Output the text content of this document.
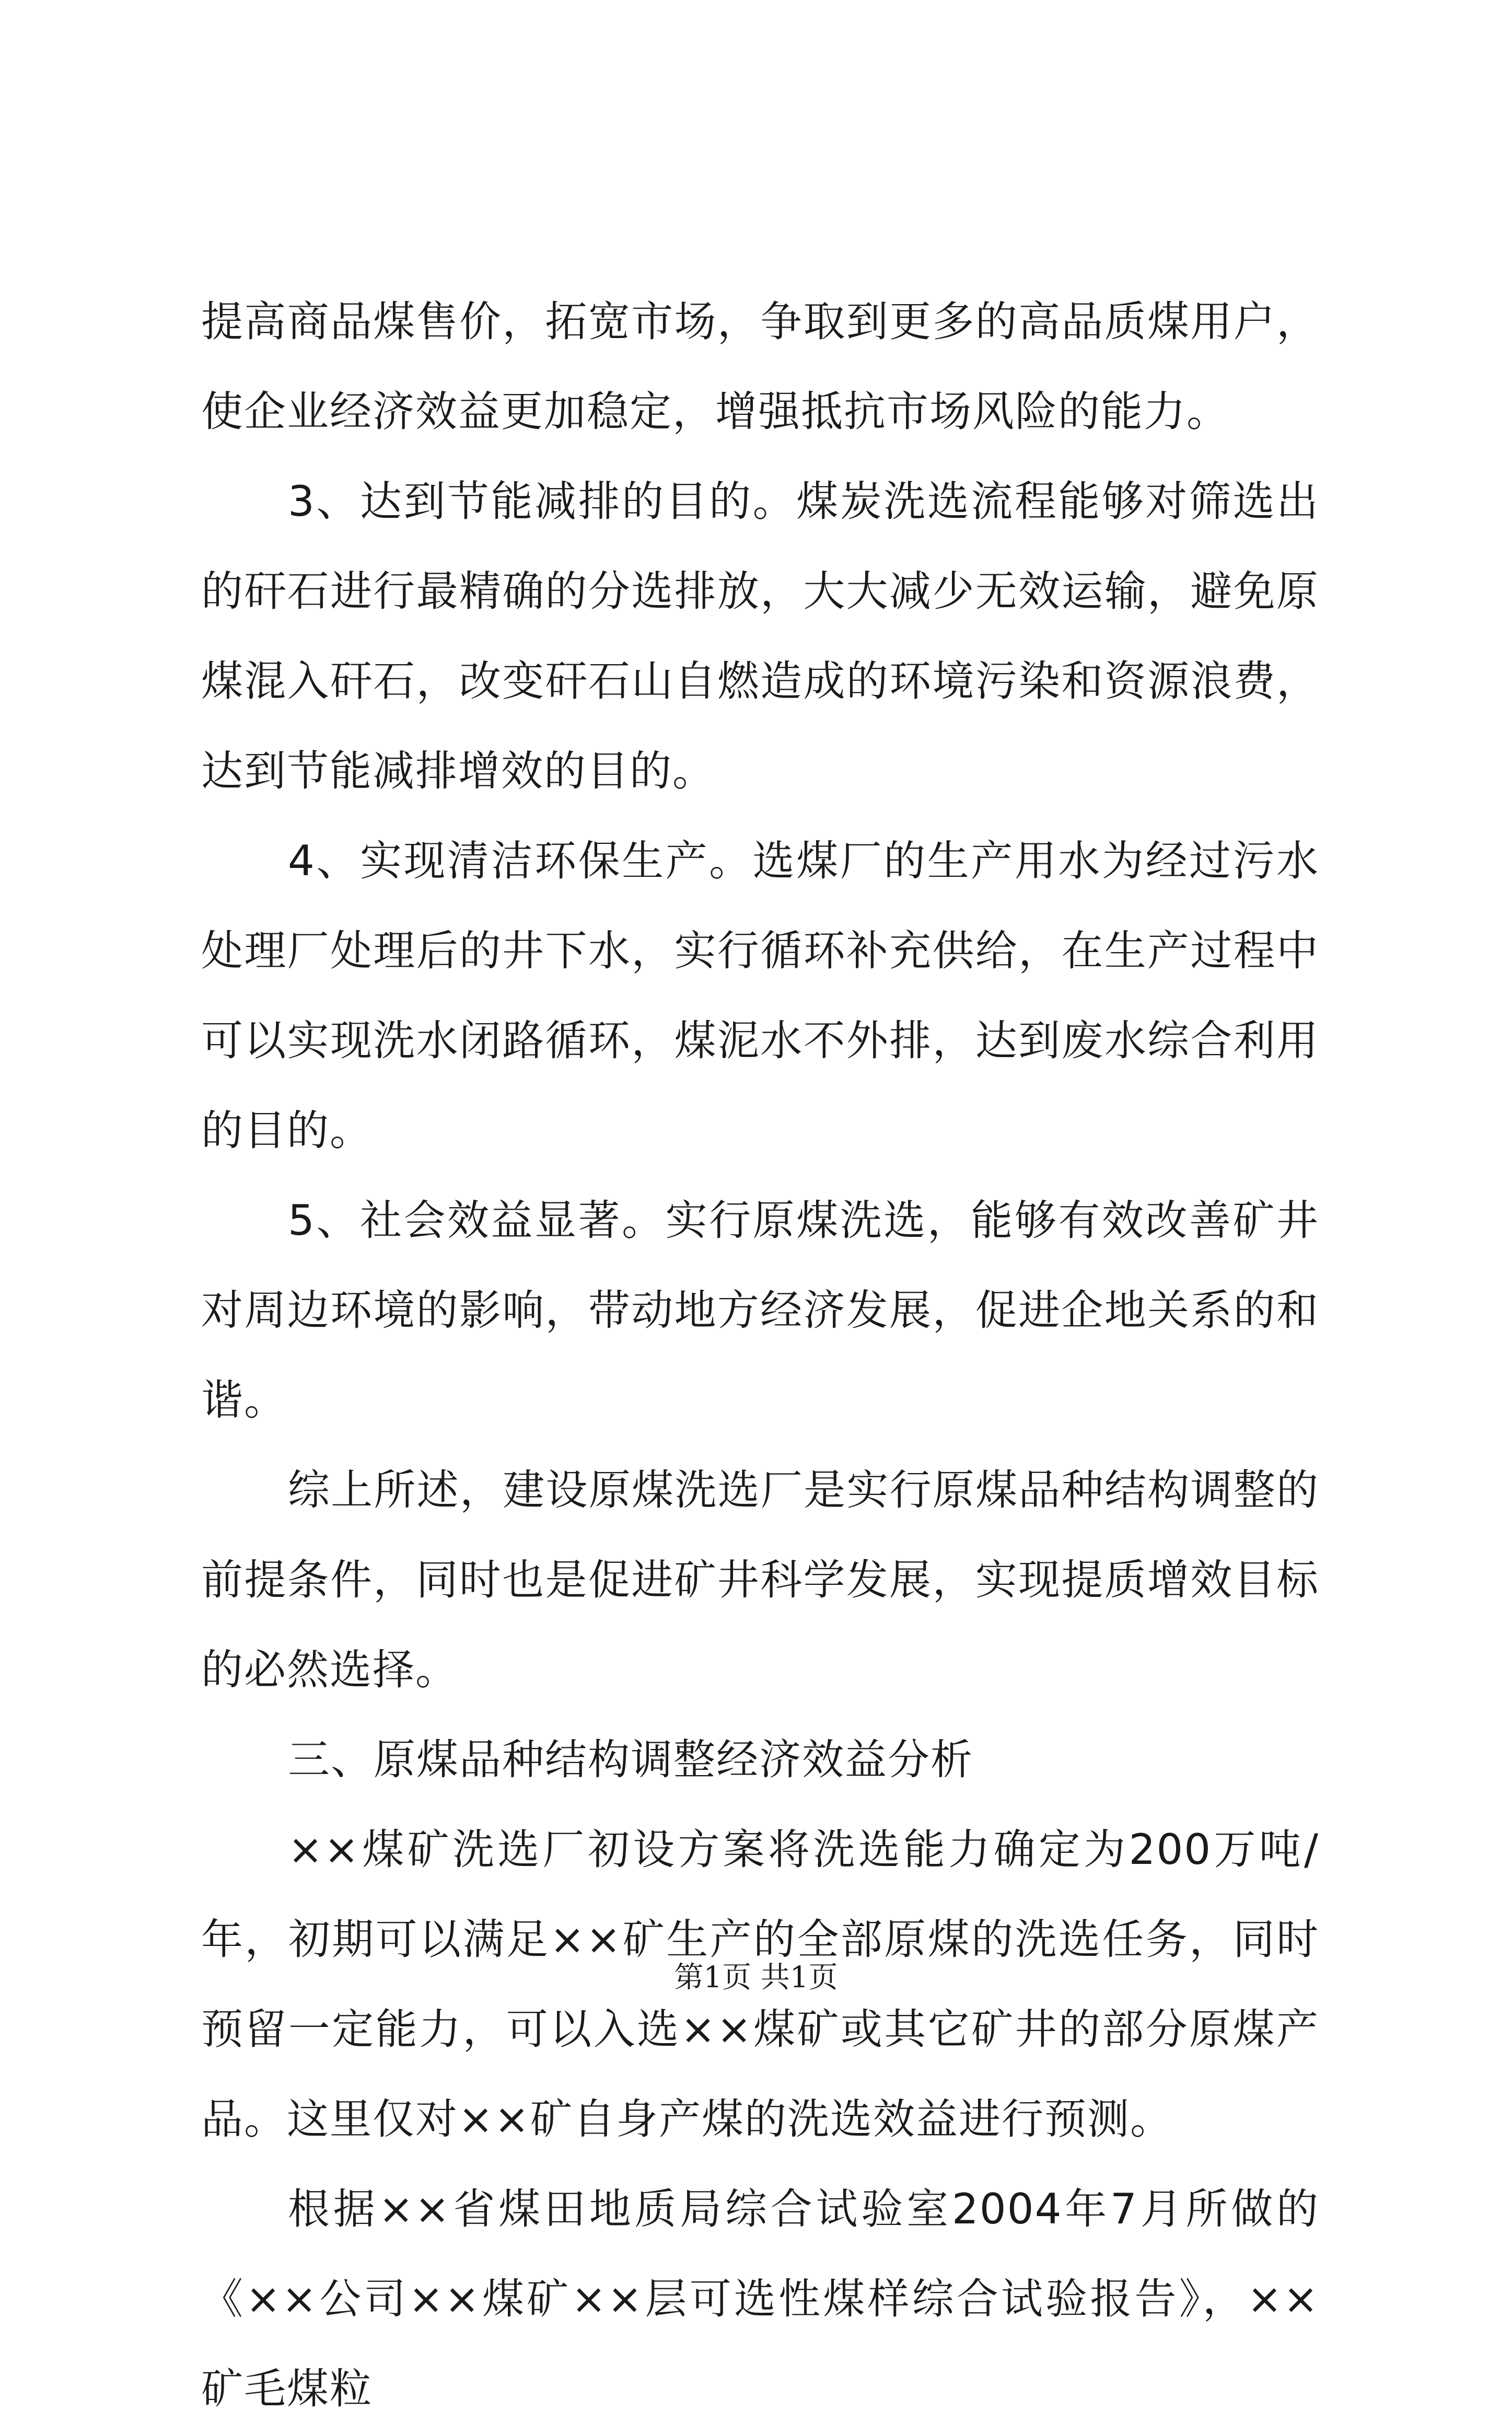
提高商品煤售价，拓宽市场，争取到更多的高品质煤用户，使企业经济效益更加稳定，增强抵抗市场风险的能力。

3、达到节能减排的目的。煤炭洗选流程能够对筛选出的矸石进行最精确的分选排放，大大减少无效运输，避免原煤混入矸石，改变矸石山自燃造成的环境污染和资源浪费，达到节能减排增效的目的。

4、实现清洁环保生产。选煤厂的生产用水为经过污水处理厂处理后的井下水，实行循环补充供给，在生产过程中可以实现洗水闭路循环，煤泥水不外排，达到废水综合利用的目的。

5、社会效益显著。实行原煤洗选，能够有效改善矿井对周边环境的影响，带动地方经济发展，促进企地关系的和谐。

综上所述，建设原煤洗选厂是实行原煤品种结构调整的前提条件，同时也是促进矿井科学发展，实现提质增效目标的必然选择。

三、原煤品种结构调整经济效益分析

××煤矿洗选厂初设方案将洗选能力确定为200万吨/年，初期可以满足××矿生产的全部原煤的洗选任务，同时预留一定能力，可以入选××煤矿或其它矿井的部分原煤产品。这里仅对××矿自身产煤的洗选效益进行预测。

根据××省煤田地质局综合试验室2004年7月所做的《××公司××煤矿××层可选性煤样综合试验报告》，××矿毛煤粒

第1页 共1页
